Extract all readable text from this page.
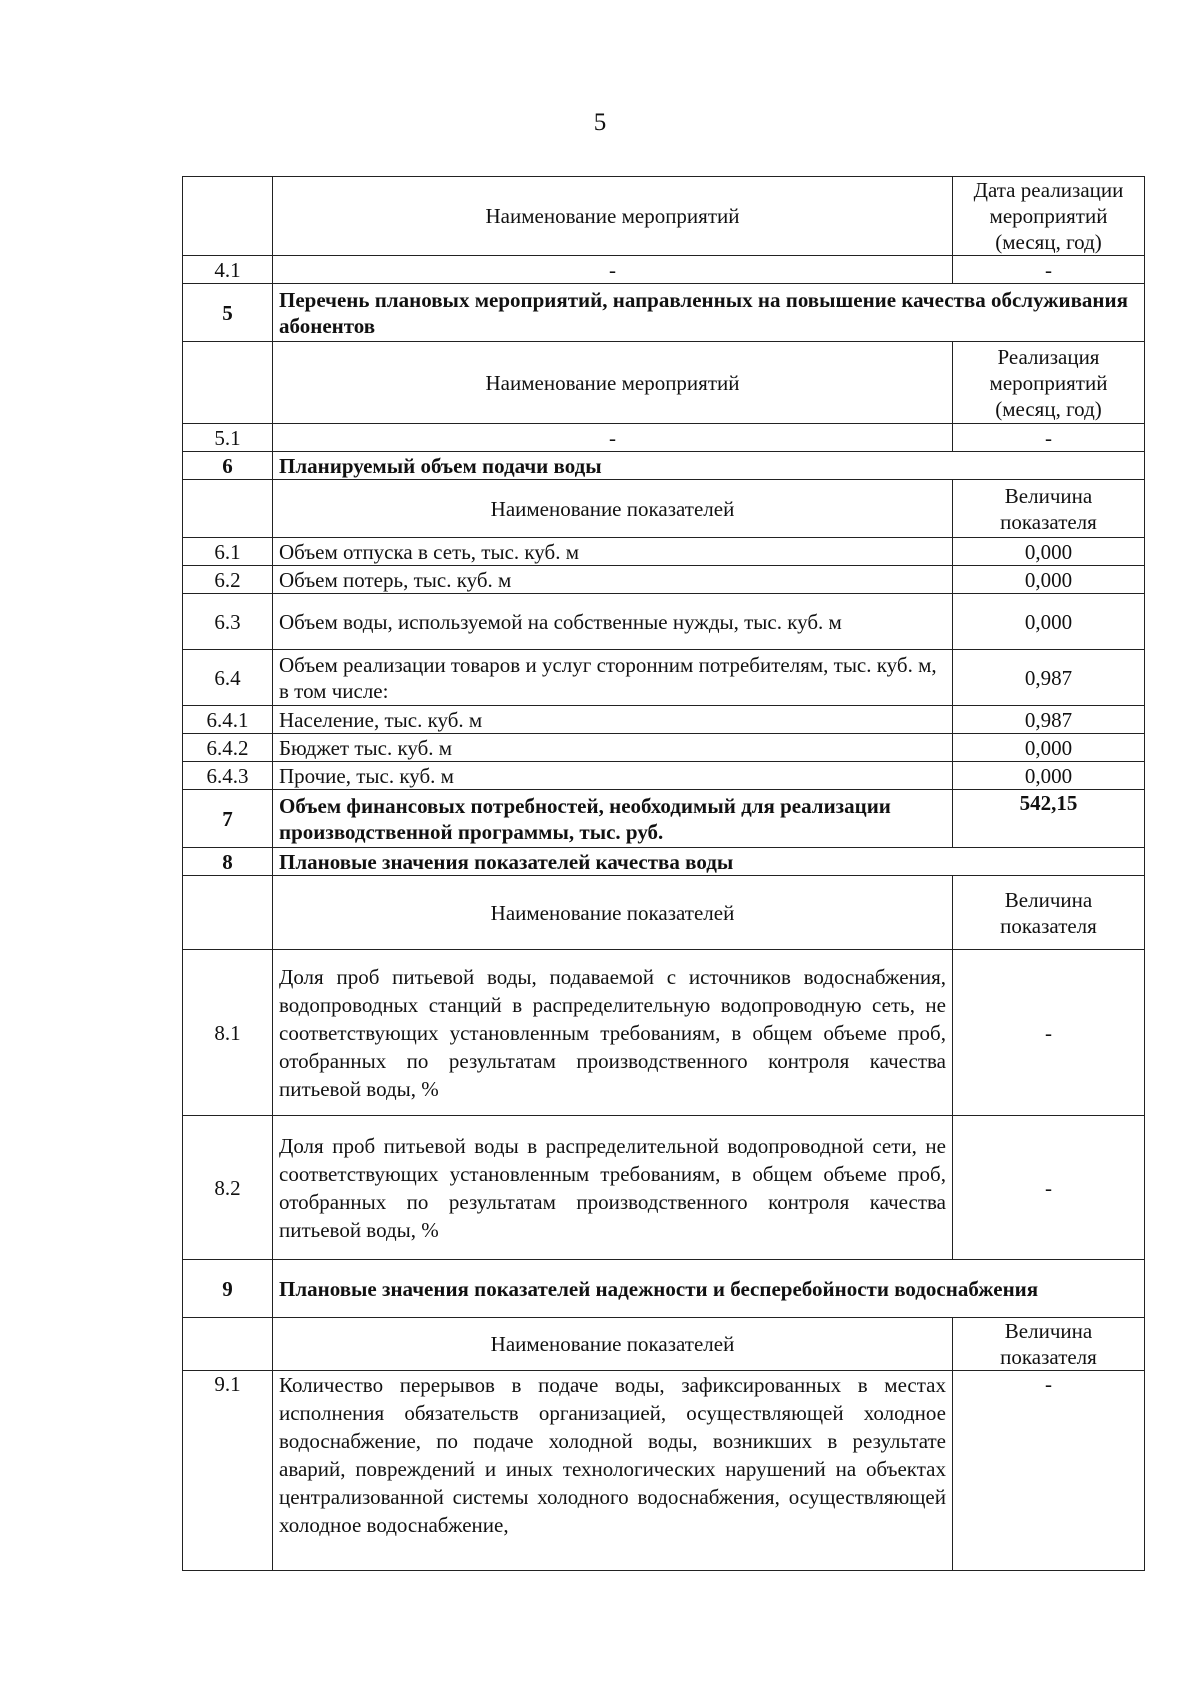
5
	Наименование мероприятий	Дата реализации мероприятий (месяц, год)
4.1	-	-
5	Перечень плановых мероприятий, направленных на повышение качества обслуживания абонентов	
	Наименование мероприятий	Реализация мероприятий (месяц, год)
5.1	-	-
6	Планируемый объем подачи воды	
	Наименование показателей	Величина показателя
6.1	Объем отпуска в сеть, тыс. куб. м	0,000
6.2	Объем потерь, тыс. куб. м	0,000
6.3	Объем воды, используемой на собственные нужды, тыс. куб. м	0,000
6.4	Объем реализации товаров и услуг сторонним потребителям, тыс. куб. м, в том числе:	0,987
6.4.1	Население, тыс. куб. м	0,987
6.4.2	Бюджет тыс. куб. м	0,000
6.4.3	Прочие, тыс. куб. м	0,000
7	Объем финансовых потребностей, необходимый для реализации производственной программы, тыс. руб.	542,15
8	Плановые значения показателей качества воды	
	Наименование показателей	Величина показателя
8.1	Доля проб питьевой воды, подаваемой с источников водоснабжения, водопроводных станций в распределительную водопроводную сеть, не соответствующих установленным требованиям, в общем объеме проб, отобранных по результатам производственного контроля качества питьевой воды, %	-
8.2	Доля проб питьевой воды в распределительной водопроводной сети, не соответствующих установленным требованиям, в общем объеме проб, отобранных по результатам производственного контроля качества питьевой воды, %	-
9	Плановые значения показателей надежности и бесперебойности водоснабжения	
	Наименование показателей	Величина показателя
9.1	Количество перерывов в подаче воды, зафиксированных в местах исполнения обязательств организацией, осуществляющей холодное водоснабжение, по подаче холодной воды, возникших в результате аварий, повреждений и иных технологических нарушений на объектах централизованной системы холодного водоснабжения, осуществляющей холодное водоснабжение,	-
